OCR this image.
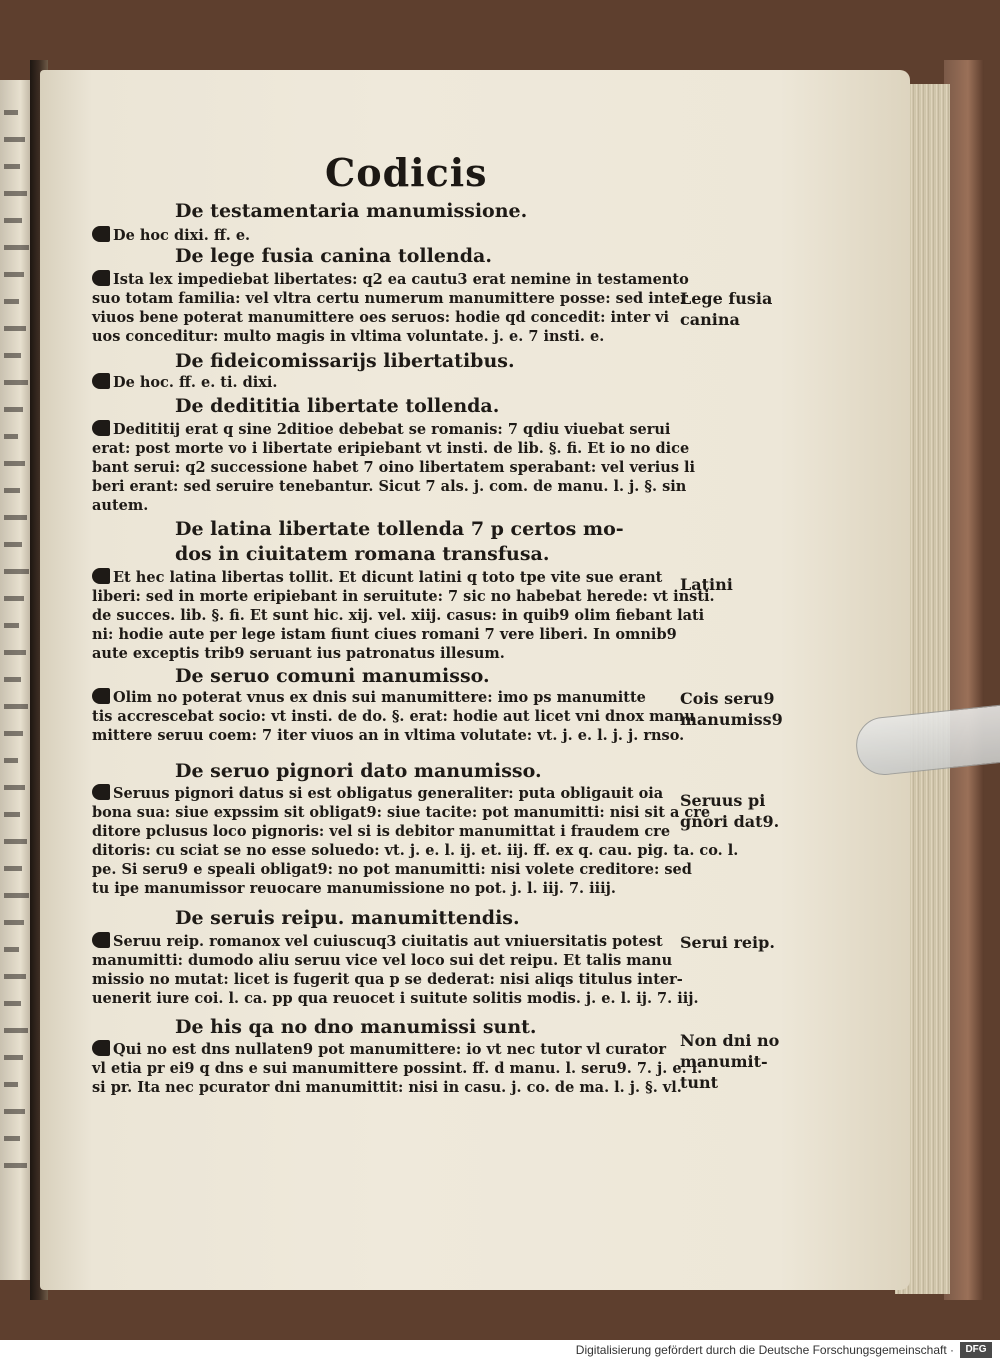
Codicis
De testamentaria manumissione.
De hoc dixi. ff. e.
De lege fusia canina tollenda.
Ista lex impediebat libertates: q2 ea cautu3 erat nemine in testamento
suo totam familia: vel vltra certu numerum manumittere posse: sed inter
viuos bene poterat manumittere oes seruos: hodie qd concedit: inter vi
uos conceditur: multo magis in vltima voluntate. j. e. 7 insti. e.
De fideicomissarijs libertatibus.
De hoc. ff. e. ti. dixi.
De dedititia libertate tollenda.
Dedititij erat q sine 2ditioe debebat se romanis: 7 qdiu viuebat serui
erat: post morte vo i libertate eripiebant vt insti. de lib. §. fi. Et io no dice
bant serui: q2 successione habet 7 oino libertatem sperabant: vel verius li
beri erant: sed seruire tenebantur. Sicut 7 als. j. com. de manu. l. j. §. sin
autem.
De latina libertate tollenda 7 p certos mo-
dos in ciuitatem romana transfusa.
Et hec latina libertas tollit. Et dicunt latini q toto tpe vite sue erant
liberi: sed in morte eripiebant in seruitute: 7 sic no habebat herede: vt insti.
de succes. lib. §. fi. Et sunt hic. xij. vel. xiij. casus: in quib9 olim fiebant lati
ni: hodie aute per lege istam fiunt ciues romani 7 vere liberi. In omnib9
aute exceptis trib9 seruant ius patronatus illesum.
De seruo comuni manumisso.
Olim no poterat vnus ex dnis sui manumittere: imo ps manumitte
tis accrescebat socio: vt insti. de do. §. erat: hodie aut licet vni dnox manu
mittere seruu coem: 7 iter viuos an in vltima volutate: vt. j. e. l. j. j. rnso.
De seruo pignori dato manumisso.
Seruus pignori datus si est obligatus generaliter: puta obligauit oia
bona sua: siue expssim sit obligat9: siue tacite: pot manumitti: nisi sit a cre
ditore pclusus loco pignoris: vel si is debitor manumittat i fraudem cre
ditoris: cu sciat se no esse soluedo: vt. j. e. l. ij. et. iij. ff. ex q. cau. pig. ta. co. l.
pe. Si seru9 e speali obligat9: no pot manumitti: nisi volete creditore: sed
tu ipe manumissor reuocare manumissione no pot. j. l. iij. 7. iiij.
De seruis reipu. manumittendis.
Seruu reip. romanox vel cuiuscuq3 ciuitatis aut vniuersitatis potest
manumitti: dumodo aliu seruu vice vel loco sui det reipu. Et talis manu
missio no mutat: licet is fugerit qua p se dederat: nisi aliqs titulus inter-
uenerit iure coi. l. ca. pp qua reuocet i suitute solitis modis. j. e. l. ij. 7. iij.
De his qa no dno manumissi sunt.
Qui no est dns nullaten9 pot manumittere: io vt nec tutor vl curator
vl etia pr ei9 q dns e sui manumittere possint. ff. d manu. l. seru9. 7. j. e. l.
si pr. Ita nec pcurator dni manumittit: nisi in casu. j. co. de ma. l. j. §. vl.
Lege fusia
canina
Latini
Cois seru9
manumiss9
Seruus pi
gnori dat9.
Serui reip.
Non dni no
manumit-
tunt
Digitalisierung gefördert durch die Deutsche Forschungsgemeinschaft ·	DFG
